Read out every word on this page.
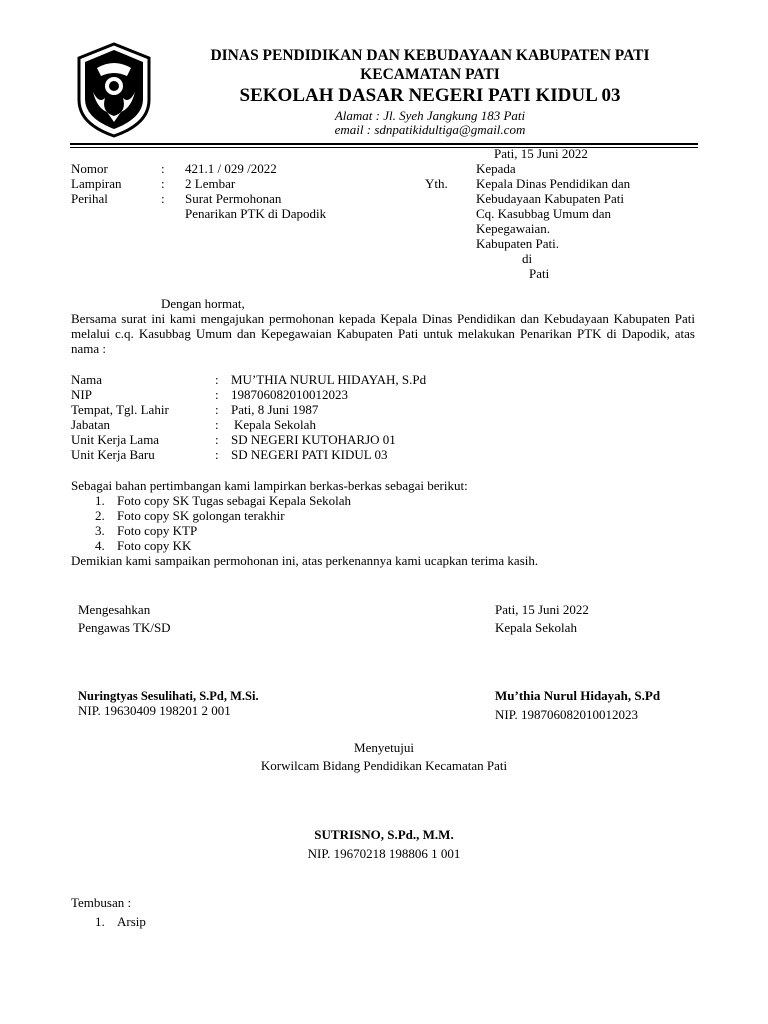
DINAS PENDIDIKAN DAN KEBUDAYAAN KABUPATEN PATI
KECAMATAN PATI
SEKOLAH DASAR NEGERI PATI KIDUL 03
Alamat : Jl. Syeh Jangkung 183 Pati
email : sdnpatikidultiga@gmail.com
Pati, 15 Juni 2022
Nomor	: 421.1 / 029 /2022
Lampiran	: 2 Lembar
Perihal	: Surat Permohonan
Penarikan PTK di Dapodik
Kepada
Yth. Kepala Dinas Pendidikan dan
Kebudayaan Kabupaten Pati
Cq. Kasubbag Umum dan
Kepegawaian.
Kabupaten Pati.
di
Pati
Dengan hormat,
Bersama surat ini kami mengajukan permohonan kepada Kepala Dinas Pendidikan dan Kebudayaan Kabupaten Pati melalui c.q. Kasubbag Umum dan Kepegawaian Kabupaten Pati untuk melakukan Penarikan PTK di Dapodik, atas nama :
Nama	: MU’THIA NURUL HIDAYAH, S.Pd
NIP	: 198706082010012023
Tempat, Tgl. Lahir	: Pati, 8 Juni 1987
Jabatan	: Kepala Sekolah
Unit Kerja Lama	: SD NEGERI KUTOHARJO 01
Unit Kerja Baru	: SD NEGERI PATI KIDUL 03
Sebagai bahan pertimbangan kami lampirkan berkas-berkas sebagai berikut:
1. Foto copy SK Tugas sebagai Kepala Sekolah
2. Foto copy SK golongan terakhir
3. Foto copy KTP
4. Foto copy KK
Demikian kami sampaikan permohonan ini, atas perkenannya kami ucapkan terima kasih.
Mengesahkan
Pengawas TK/SD
Nuringtyas Sesulihati, S.Pd, M.Si.
NIP. 19630409 198201 2 001
Pati, 15 Juni 2022
Kepala Sekolah
Mu’thia Nurul Hidayah, S.Pd
NIP. 198706082010012023
Menyetujui
Korwilcam Bidang Pendidikan Kecamatan Pati
SUTRISNO, S.Pd., M.M.
NIP. 19670218 198806 1 001
Tembusan :
1. Arsip
